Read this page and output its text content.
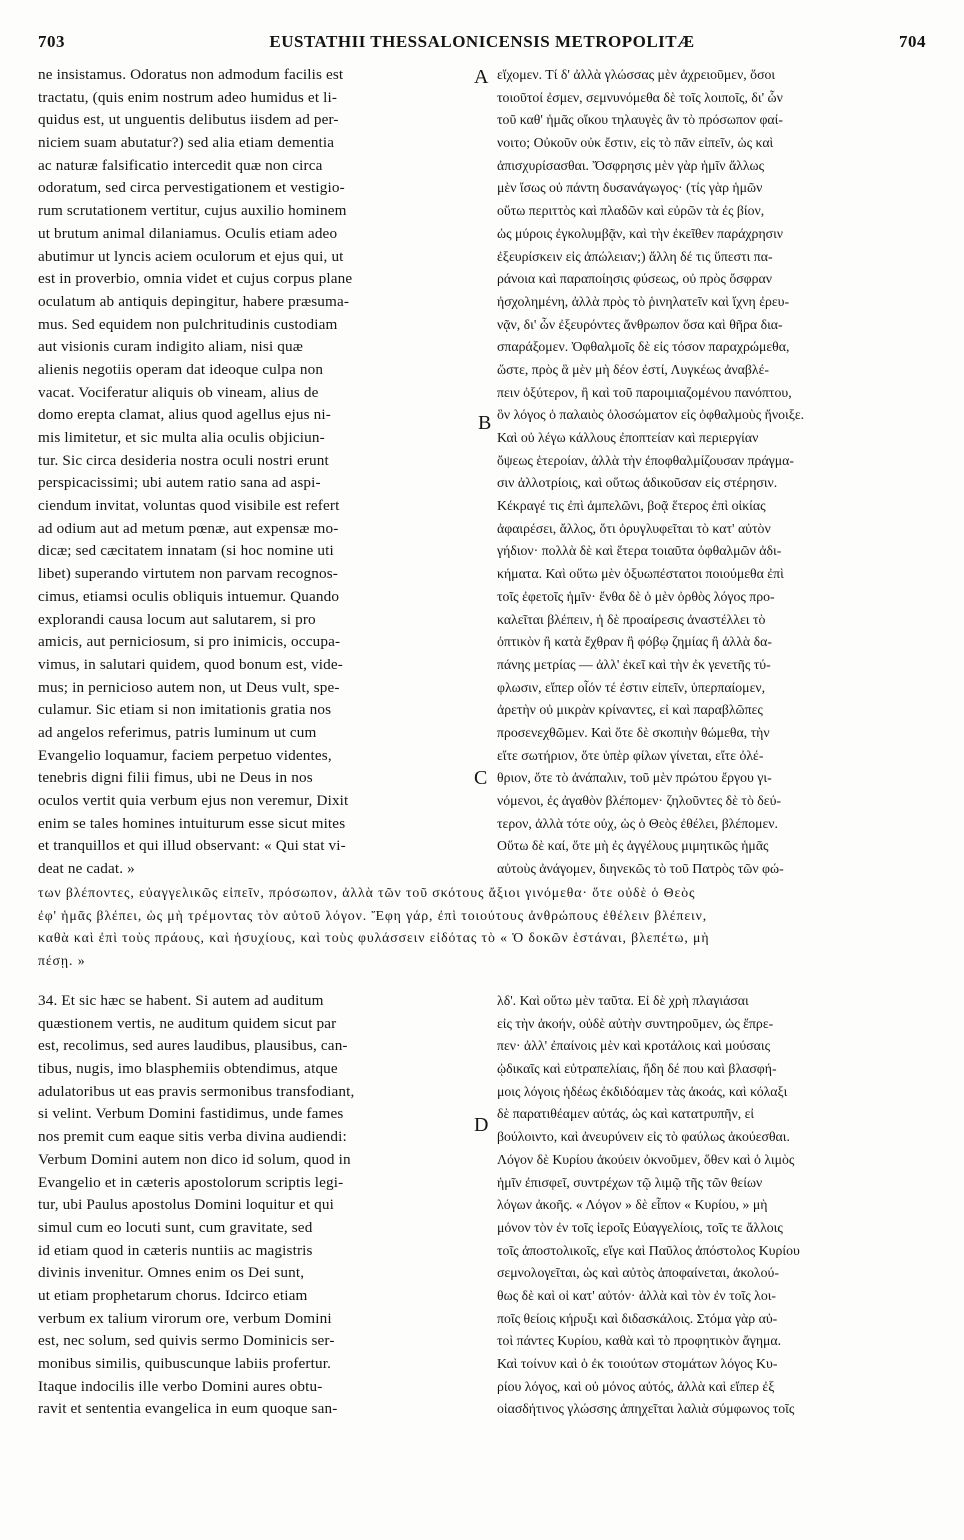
703	EUSTATHII THESSALONICENSIS METROPOLITÆ	704
ne insistamus. Odoratus non admodum facilis est
tractatu, (quis enim nostrum adeo humidus et li-
quidus est, ut unguentis delibutus iisdem ad per-
niciem suam abutatur?) sed alia etiam dementia
ac naturæ falsificatio intercedit quæ non circa
odoratum, sed circa pervestigationem et vestigio-
rum scrutationem vertitur, cujus auxilio hominem
ut brutum animal dilaniamus. Oculis etiam adeo
abutimur ut lyncis aciem oculorum et ejus qui, ut
est in proverbio, omnia videt et cujus corpus plane
oculatum ab antiquis depingitur, habere præsuma-
mus. Sed equidem non pulchritudinis custodiam
aut visionis curam indigito aliam, nisi quæ
alienis negotiis operam dat ideoque culpa non
vacat. Vociferatur aliquis ob vineam, alius de
domo erepta clamat, alius quod agellus ejus ni-
mis limitetur, et sic multa alia oculis objiciun-
tur. Sic circa desideria nostra oculi nostri erunt
perspicacissimi; ubi autem ratio sana ad aspi-
ciendum invitat, voluntas quod visibile est refert
ad odium aut ad metum pœnæ, aut expensæ mo-
dicæ; sed cæcitatem innatam (si hoc nomine uti
libet) superando virtutem non parvam recognos-
cimus, etiamsi oculis obliquis intuemur. Quando
explorandi causa locum aut salutarem, si pro
amicis, aut perniciosum, si pro inimicis, occupa-
vimus, in salutari quidem, quod bonum est, vide-
mus; in pernicioso autem non, ut Deus vult, spe-
culamur. Sic etiam si non imitationis gratia nos
ad angelos referimus, patris luminum ut cum
Evangelio loquamur, faciem perpetuo videntes,
tenebris digni filii fimus, ubi ne Deus in nos
oculos vertit quia verbum ejus non veremur, Dixit
enim se tales homines intuiturum esse sicut mites
et tranquillos et qui illud observant: « Qui stat vi-
deat ne cadat. »
εἴχομεν. Τί δ' ἀλλὰ γλώσσας μὲν ἀχρειοῦμεν, ὅσοι
τοιοῦτοί ἐσμεν, σεμνυνόμεθα δὲ τοῖς λοιποῖς, δι' ὧν
τοῦ καθ' ἡμᾶς οἴκου τηλαυγὲς ἂν τὸ πρόσωπον φαί-
νοιτο; Οὐκοῦν οὐκ ἔστιν, εἰς τὸ πᾶν εἰπεῖν, ὡς καὶ
ἀπισχυρίσασθαι. Ὄσφρησις μὲν γὰρ ἡμῖν ἄλλως
μὲν ἴσως οὐ πάντη δυσανάγωγος· (τίς γὰρ ἡμῶν
οὕτω περιττὸς καὶ πλαδῶν καὶ εὐρῶν τὰ ἐς βίον,
ὡς μύροις ἐγκολυμβᾷν, καὶ τὴν ἐκεῖθεν παράχρησιν
ἐξευρίσκειν εἰς ἀπώλειαν;) ἄλλη δέ τις ὕπεστι πα-
ράνοια καὶ παραποίησις φύσεως, οὐ πρὸς ὄσφραν
ἠσχολημένη, ἀλλὰ πρὸς τὸ ῥινηλατεῖν καὶ ἴχνη ἐρευ-
νᾷν, δι' ὧν ἐξευρόντες ἄνθρωπον ὅσα καὶ θῆρα δια-
σπαράξομεν. Ὀφθαλμοῖς δὲ εἰς τόσον παραχρώμεθα,
ὥστε, πρὸς ἃ μὲν μὴ δέον ἐστί, Λυγκέως ἀναβλέ-
πειν ὀξύτερον, ἢ καὶ τοῦ παροιμιαζομένου πανόπτου,
ὃν λόγος ὁ παλαιὸς ὁλοσώματον εἰς ὀφθαλμοὺς ἤνοιξε.
Καὶ οὐ λέγω κάλλους ἐποπτείαν καὶ περιεργίαν
ὄψεως ἑτεροίαν, ἀλλὰ τὴν ἐποφθαλμίζουσαν πράγμα-
σιν ἀλλοτρίοις, καὶ οὕτως ἀδικοῦσαν εἰς στέρησιν.
Κέκραγέ τις ἐπὶ ἀμπελῶνι, βοᾷ ἕτερος ἐπὶ οἰκίας
ἀφαιρέσει, ἄλλος, ὅτι ὀρυγλυφεῖται τὸ κατ' αὐτὸν
γήδιον· πολλὰ δὲ καὶ ἕτερα τοιαῦτα ὀφθαλμῶν ἀδι-
κήματα. Καὶ οὕτω μὲν ὀξυωπέστατοι ποιούμεθα ἐπὶ
τοῖς ἐφετοῖς ἡμῖν· ἔνθα δὲ ὁ μὲν ὀρθὸς λόγος προ-
καλεῖται βλέπειν, ἡ δὲ προαίρεσις ἀναστέλλει τὸ
ὀπτικὸν ἢ κατὰ ἔχθραν ἢ φόβῳ ζημίας ἢ ἀλλὰ δα-
πάνης μετρίας — ἀλλ' ἐκεῖ καὶ τὴν ἐκ γενετῆς τύ-
φλωσιν, εἴπερ οἷόν τέ ἐστιν εἰπεῖν, ὑπερπαίομεν,
ἀρετὴν οὐ μικρὰν κρίναντες, εἰ καὶ παραβλῶπες
προσενεχθῶμεν. Καὶ ὅτε δὲ σκοπιὴν θώμεθα, τὴν
εἴτε σωτήριον, ὅτε ὑπὲρ φίλων γίνεται, εἴτε ὀλέ-
θριον, ὅτε τὸ ἀνάπαλιν, τοῦ μὲν πρώτου ἔργου γι-
νόμενοι, ἐς ἀγαθὸν βλέπομεν· ζηλοῦντες δὲ τὸ δεύ-
τερον, ἀλλὰ τότε οὐχ, ὡς ὁ Θεὸς ἐθέλει, βλέπομεν.
Οὕτω δὲ καί, ὅτε μὴ ἐς ἀγγέλους μιμητικῶς ἡμᾶς
αὐτοὺς ἀνάγομεν, διηνεκῶς τὸ τοῦ Πατρὸς τῶν φώ-
A
B
C
D
των βλέποντες, εὐαγγελικῶς εἰπεῖν, πρόσωπον, ἀλλὰ τῶν τοῦ σκότους ἄξιοι γινόμεθα· ὅτε οὐδὲ ὁ Θεὸς
ἐφ' ἡμᾶς βλέπει, ὡς μὴ τρέμοντας τὸν αὐτοῦ λόγον. Ἔφη γάρ, ἐπὶ τοιούτους ἀνθρώπους ἐθέλειν βλέπειν,
καθὰ καὶ ἐπὶ τοὺς πράους, καὶ ἡσυχίους, καὶ τοὺς φυλάσσειν εἰδότας τὸ « Ὁ δοκῶν ἑστάναι, βλεπέτω, μὴ
πέσῃ. »
34. Et sic hæc se habent. Si autem ad auditum
quæstionem vertis, ne auditum quidem sicut par
est, recolimus, sed aures laudibus, plausibus, can-
tibus, nugis, imo blasphemiis obtendimus, atque
adulatoribus ut eas pravis sermonibus transfodiant,
si velint. Verbum Domini fastidimus, unde fames
nos premit cum eaque sitis verba divina audiendi:
Verbum Domini autem non dico id solum, quod in
Evangelio et in cæteris apostolorum scriptis legi-
tur, ubi Paulus apostolus Domini loquitur et qui
simul cum eo locuti sunt, cum gravitate, sed
id etiam quod in cæteris nuntiis ac magistris
divinis invenitur. Omnes enim os Dei sunt,
ut etiam prophetarum chorus. Idcirco etiam
verbum ex talium virorum ore, verbum Domini
est, nec solum, sed quivis sermo Dominicis ser-
monibus similis, quibuscunque labiis profertur.
Itaque indocilis ille verbo Domini aures obtu-
ravit et sententia evangelica in eum quoque san-
λδ'. Καὶ οὕτω μὲν ταῦτα. Εἰ δὲ χρὴ πλαγιάσαι
εἰς τὴν ἀκοήν, οὐδὲ αὐτὴν συντηροῦμεν, ὡς ἔπρε-
πεν· ἀλλ' ἐπαίνοις μὲν καὶ κροτάλοις καὶ μούσαις
ᾠδικαῖς καὶ εὐτραπελίαις, ἤδη δέ που καὶ βλασφή-
μοις λόγοις ἡδέως ἐκδιδόαμεν τὰς ἀκοάς, καὶ κόλαξι
δὲ παρατιθέαμεν αὐτάς, ὡς καὶ κατατρυπῆν, εἰ
βούλοιντο, καὶ ἀνευρύνειν εἰς τὸ φαύλως ἀκούεσθαι.
Λόγον δὲ Κυρίου ἀκούειν ὀκνοῦμεν, ὅθεν καὶ ὁ λιμὸς
ἡμῖν ἐπισφεῖ, συντρέχων τῷ λιμῷ τῆς τῶν θείων
λόγων ἀκοῆς. « Λόγον » δὲ εἶπον « Κυρίου, » μὴ
μόνον τὸν ἐν τοῖς ἱεροῖς Εὐαγγελίοις, τοῖς τε ἄλλοις
τοῖς ἀποστολικοῖς, εἴγε καὶ Παῦλος ἀπόστολος Κυρίου
σεμνολογεῖται, ὡς καὶ αὐτὸς ἀποφαίνεται, ἀκολού-
θως δὲ καὶ οἱ κατ' αὐτόν· ἀλλὰ καὶ τὸν ἐν τοῖς λοι-
ποῖς θείοις κήρυξι καὶ διδασκάλοις. Στόμα γὰρ αὐ-
τοὶ πάντες Κυρίου, καθὰ καὶ τὸ προφητικὸν ἄγημα.
Καὶ τοίνυν καὶ ὁ ἐκ τοιούτων στομάτων λόγος Κυ-
ρίου λόγος, καὶ οὐ μόνος αὐτός, ἀλλὰ καὶ εἴπερ ἐξ
οἱασδήτινος γλώσσης ἀπηχεῖται λαλιὰ σύμφωνος τοῖς
